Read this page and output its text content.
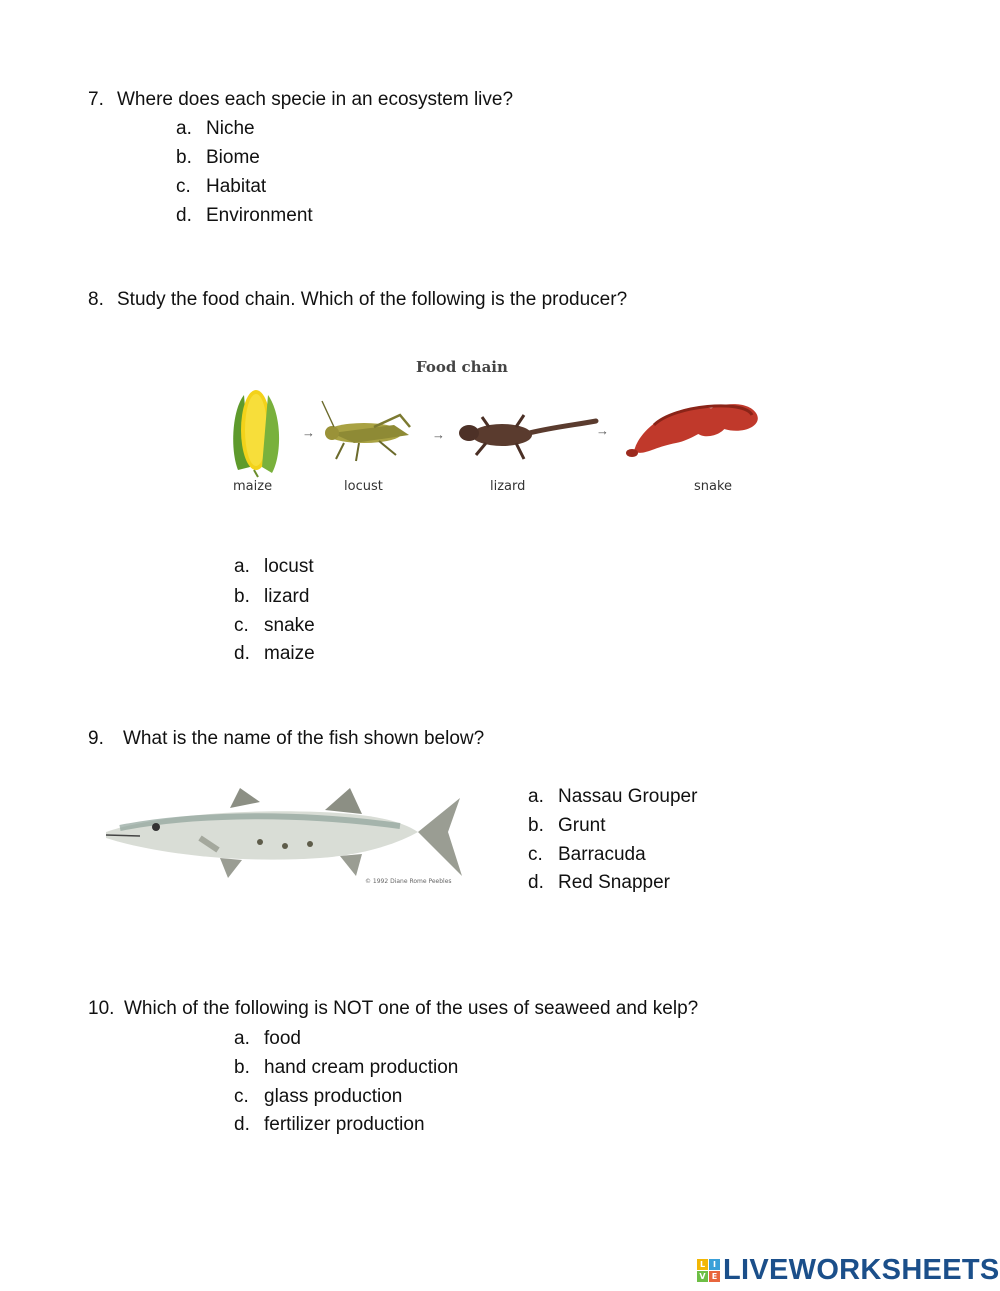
7. Where does each specie in an ecosystem live?
a. Niche
b. Biome
c. Habitat
d. Environment
8. Study the food chain. Which of the following is the producer?
Food chain
→	→	→
maize	locust	lizard	snake
a. locust
b. lizard
c. snake
d. maize
9. What is the name of the fish shown below?
© 1992 Diane Rome Peebles
a. Nassau Grouper
b. Grunt
c. Barracuda
d. Red Snapper
10. Which of the following is NOT one of the uses of seaweed and kelp?
a. food
b. hand cream production
c. glass production
d. fertilizer production
L I
V E LIVEWORKSHEETS
